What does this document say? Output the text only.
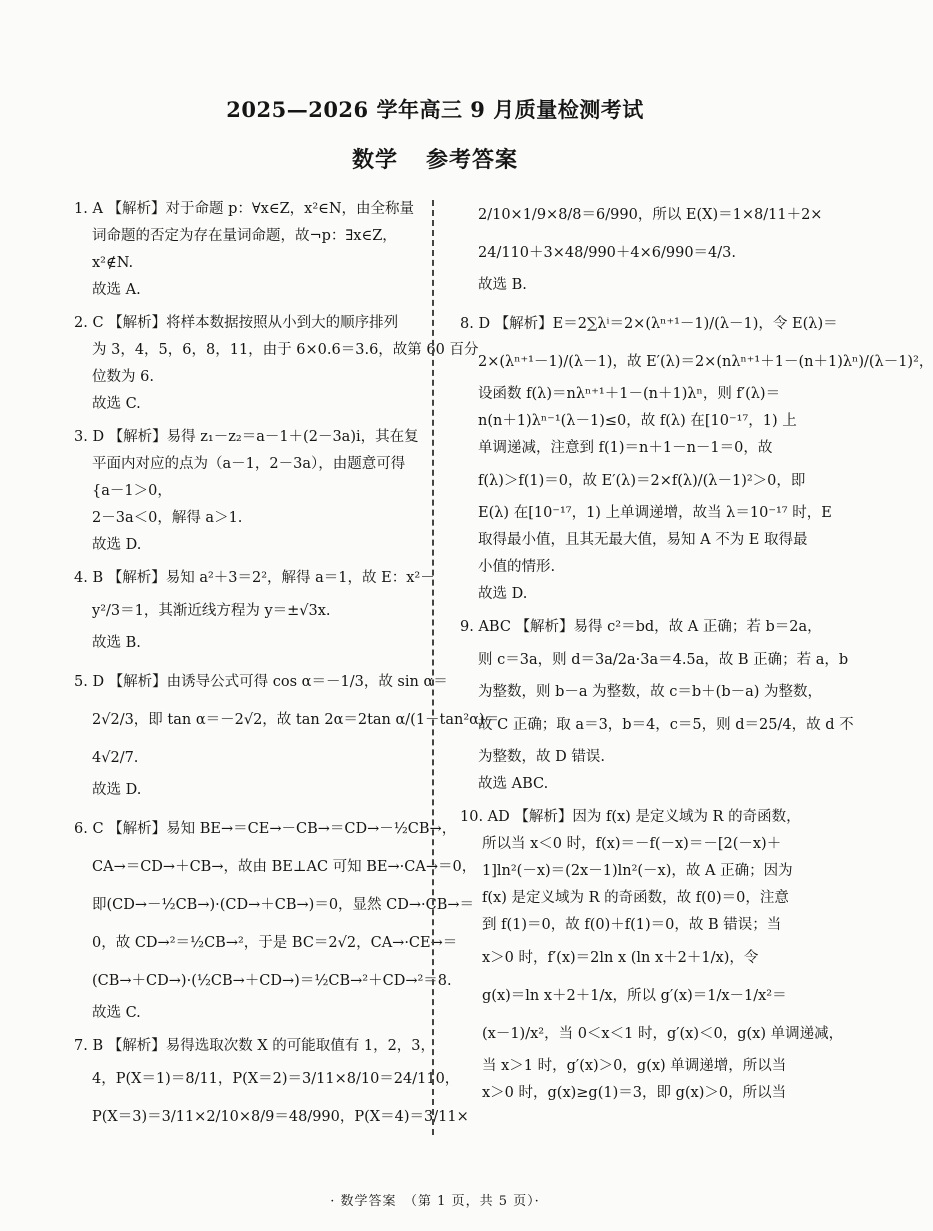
2025—2026 学年高三 9 月质量检测考试
数学 参考答案
1. A 【解析】对于命题 p：∀x∈Z，x²∈N，由全称量
词命题的否定为存在量词命题，故¬p：∃x∈Z，
x²∉N.
故选 A.
2. C 【解析】将样本数据按照从小到大的顺序排列
为 3，4，5，6，8，11，由于 6×0.6＝3.6，故第 60 百分
位数为 6.
故选 C.
3. D 【解析】易得 z₁－z₂＝a－1＋(2－3a)i，其在复
平面内对应的点为（a－1，2－3a），由题意可得
{a－1＞0，
2－3a＜0，解得 a＞1.
故选 D.
4. B 【解析】易知 a²＋3＝2²，解得 a＝1，故 E：x²－
y²/3＝1，其渐近线方程为 y＝±√3x.
故选 B.
5. D 【解析】由诱导公式可得 cos α＝－1/3，故 sin α＝
2√2/3，即 tan α＝－2√2，故 tan 2α＝2tan α/(1－tan²α)＝
4√2/7.
故选 D.
6. C 【解析】易知 BE→＝CE→－CB→＝CD→－½CB→，
CA→＝CD→＋CB→，故由 BE⊥AC 可知 BE→·CA→＝0，
即(CD→－½CB→)·(CD→＋CB→)＝0，显然 CD→·CB→＝
0，故 CD→²＝½CB→²，于是 BC＝2√2，CA→·CE→＝
(CB→＋CD→)·(½CB→＋CD→)＝½CB→²＋CD→²＝8.
故选 C.
7. B 【解析】易得选取次数 X 的可能取值有 1，2，3，
4，P(X＝1)＝8/11，P(X＝2)＝3/11×8/10＝24/110，
P(X＝3)＝3/11×2/10×8/9＝48/990，P(X＝4)＝3/11×
2/10×1/9×8/8＝6/990，所以 E(X)＝1×8/11＋2×
24/110＋3×48/990＋4×6/990＝4/3.
故选 B.
8. D 【解析】E＝2∑λⁱ＝2×(λⁿ⁺¹－1)/(λ－1)，令 E(λ)＝
2×(λⁿ⁺¹－1)/(λ－1)，故 E′(λ)＝2×(nλⁿ⁺¹＋1－(n＋1)λⁿ)/(λ－1)²，
设函数 f(λ)＝nλⁿ⁺¹＋1－(n＋1)λⁿ，则 f′(λ)＝
n(n＋1)λⁿ⁻¹(λ－1)≤0，故 f(λ) 在[10⁻¹⁷，1) 上
单调递减，注意到 f(1)＝n＋1－n－1＝0，故
f(λ)＞f(1)＝0，故 E′(λ)＝2×f(λ)/(λ－1)²＞0，即
E(λ) 在[10⁻¹⁷，1) 上单调递增，故当 λ＝10⁻¹⁷ 时，E
取得最小值，且其无最大值，易知 A 不为 E 取得最
小值的情形.
故选 D.
9. ABC 【解析】易得 c²＝bd，故 A 正确；若 b＝2a，
则 c＝3a，则 d＝3a/2a·3a＝4.5a，故 B 正确；若 a，b
为整数，则 b－a 为整数，故 c＝b＋(b－a) 为整数，
故 C 正确；取 a＝3，b＝4，c＝5，则 d＝25/4，故 d 不
为整数，故 D 错误.
故选 ABC.
10. AD 【解析】因为 f(x) 是定义域为 R 的奇函数，
所以当 x＜0 时，f(x)＝－f(－x)＝－[2(－x)＋
1]ln²(－x)＝(2x－1)ln²(－x)，故 A 正确；因为
f(x) 是定义域为 R 的奇函数，故 f(0)＝0，注意
到 f(1)＝0，故 f(0)＋f(1)＝0，故 B 错误；当
x＞0 时，f′(x)＝2ln x (ln x＋2＋1/x)，令
g(x)＝ln x＋2＋1/x，所以 g′(x)＝1/x－1/x²＝
(x－1)/x²，当 0＜x＜1 时，g′(x)＜0，g(x) 单调递减，
当 x＞1 时，g′(x)＞0，g(x) 单调递增，所以当
x＞0 时，g(x)≥g(1)＝3，即 g(x)＞0，所以当
· 数学答案　（第 1 页，共 5 页）·
